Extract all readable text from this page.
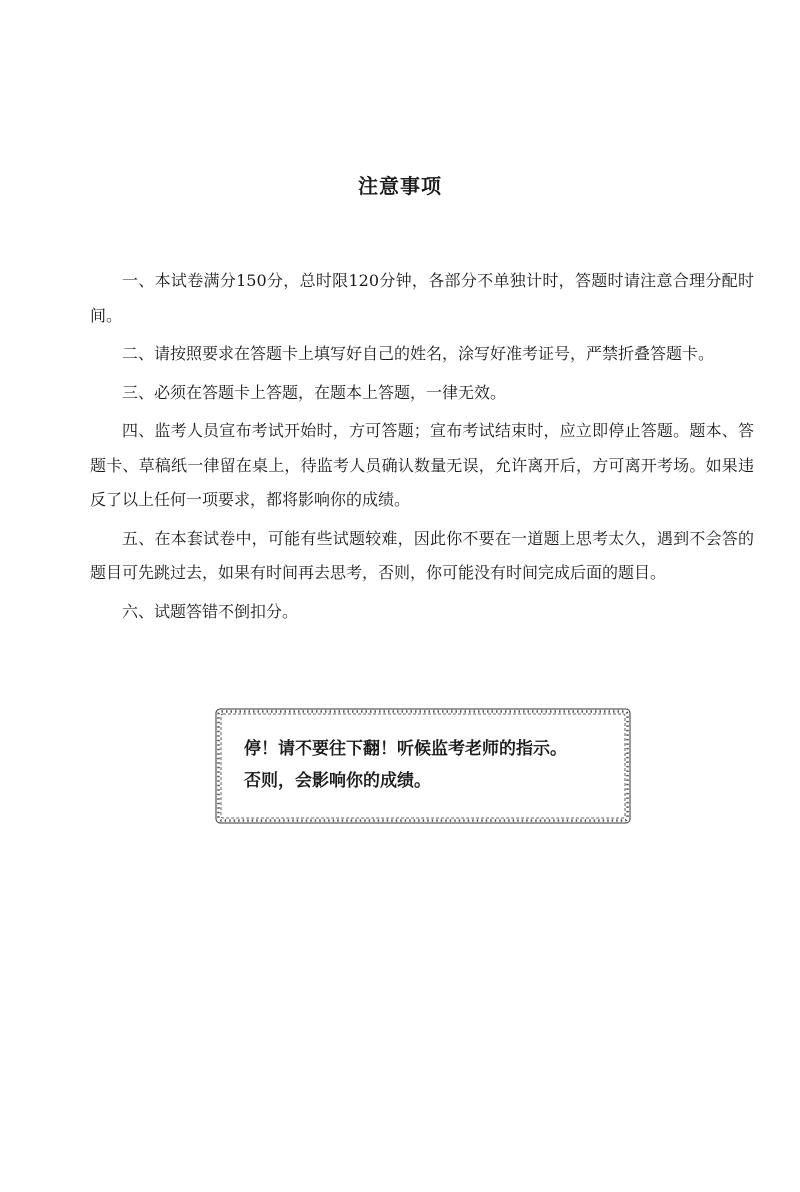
注意事项

一、本试卷满分150分，总时限120分钟，各部分不单独计时，答题时请注意合理分配时间。

二、请按照要求在答题卡上填写好自己的姓名，涂写好准考证号，严禁折叠答题卡。

三、必须在答题卡上答题，在题本上答题，一律无效。

四、监考人员宣布考试开始时，方可答题；宣布考试结束时，应立即停止答题。题本、答题卡、草稿纸一律留在桌上，待监考人员确认数量无误，允许离开后，方可离开考场。如果违反了以上任何一项要求，都将影响你的成绩。

五、在本套试卷中，可能有些试题较难，因此你不要在一道题上思考太久，遇到不会答的题目可先跳过去，如果有时间再去思考，否则，你可能没有时间完成后面的题目。

六、试题答错不倒扣分。

停！请不要往下翻！听候监考老师的指示。
否则，会影响你的成绩。
